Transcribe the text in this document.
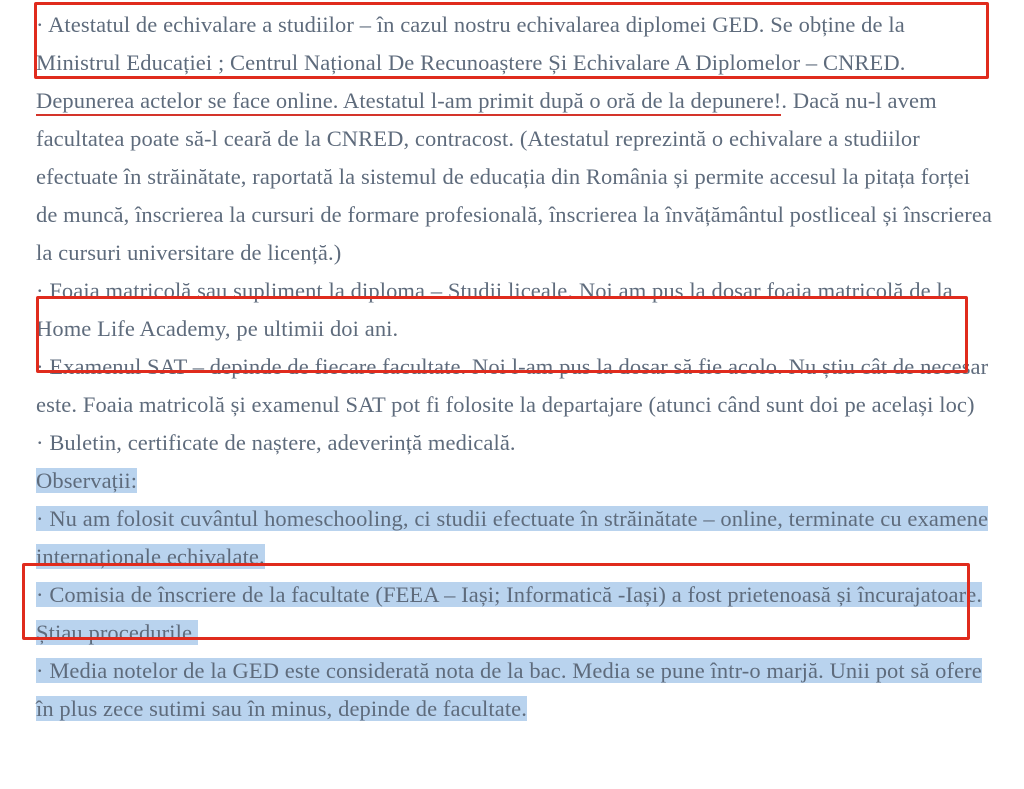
· Atestatul de echivalare a studiilor – în cazul nostru echivalarea diplomei GED. Se obține de la Ministrul Educației ; Centrul Național De Recunoaștere Și Echivalare A Diplomelor – CNRED. Depunerea actelor se face online. Atestatul l-am primit după o oră de la depunere!. Dacă nu-l avem facultatea poate să-l ceară de la CNRED, contracost. (Atestatul reprezintă o echivalare a studiilor efectuate în străinătate, raportată la sistemul de educația din România și permite accesul la pitața forței de muncă, înscrierea la cursuri de formare profesională, înscrierea la învățământul postliceal și înscrierea la cursuri universitare de licență.)

· Foaia matricolă sau supliment la diploma – Studii liceale. Noi am pus la dosar foaia matricolă de la Home Life Academy, pe ultimii doi ani.

· Examenul SAT – depinde de fiecare facultate. Noi l-am pus la dosar să fie acolo. Nu știu cât de necesar este. Foaia matricolă și examenul SAT pot fi folosite la departajare (atunci când sunt doi pe același loc)

· Buletin, certificate de naștere, adeverință medicală.

Observații:

· Nu am folosit cuvântul homeschooling, ci studii efectuate în străinătate – online, terminate cu examene internaționale echivalate.

· Comisia de înscriere de la facultate (FEEA – Iași; Informatică -Iași) a fost prietenoasă și încurajatoare. Știau procedurile.

· Media notelor de la GED este considerată nota de la bac. Media se pune într-o marjă. Unii pot să ofere în plus zece sutimi sau în minus, depinde de facultate.
